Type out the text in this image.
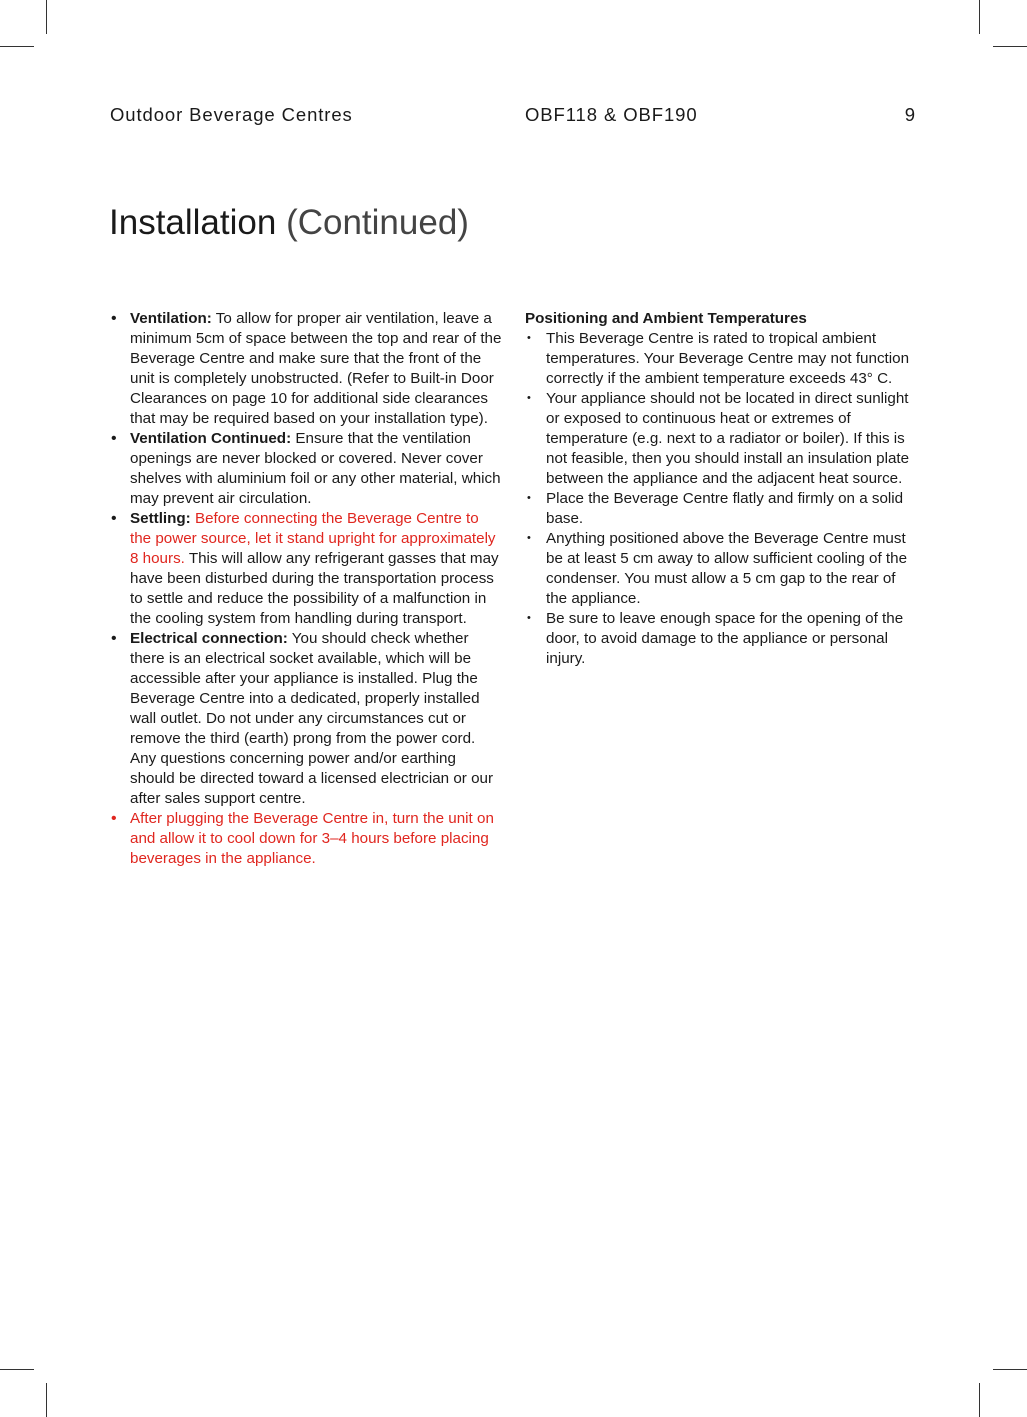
Outdoor Beverage Centres	OBF118 & OBF190	9
Installation (Continued)
• Ventilation: To allow for proper air ventilation, leave a minimum 5cm of space between the top and rear of the Beverage Centre and make sure that the front of the unit is completely unobstructed. (Refer to Built-in Door Clearances on page 10 for additional side clearances that may be required based on your installation type).
• Ventilation Continued: Ensure that the ventilation openings are never blocked or covered. Never cover shelves with aluminium foil or any other material, which may prevent air circulation.
• Settling: Before connecting the Beverage Centre to the power source, let it stand upright for approximately 8 hours. This will allow any refrigerant gasses that may have been disturbed during the transportation process to settle and reduce the possibility of a malfunction in the cooling system from handling during transport.
• Electrical connection: You should check whether there is an electrical socket available, which will be accessible after your appliance is installed. Plug the Beverage Centre into a dedicated, properly installed wall outlet. Do not under any circumstances cut or remove the third (earth) prong from the power cord. Any questions concerning power and/or earthing should be directed toward a licensed electrician or our after sales support centre.
• After plugging the Beverage Centre in, turn the unit on and allow it to cool down for 3–4 hours before placing beverages in the appliance.

Positioning and Ambient Temperatures

• This Beverage Centre is rated to tropical ambient temperatures. Your Beverage Centre may not function correctly if the ambient temperature exceeds 43° C.
• Your appliance should not be located in direct sunlight or exposed to continuous heat or extremes of temperature (e.g. next to a radiator or boiler). If this is not feasible, then you should install an insulation plate between the appliance and the adjacent heat source.
• Place the Beverage Centre flatly and firmly on a solid base.
• Anything positioned above the Beverage Centre must be at least 5 cm away to allow sufficient cooling of the condenser. You must allow a 5 cm gap to the rear of the appliance.
• Be sure to leave enough space for the opening of the door, to avoid damage to the appliance or personal injury.
